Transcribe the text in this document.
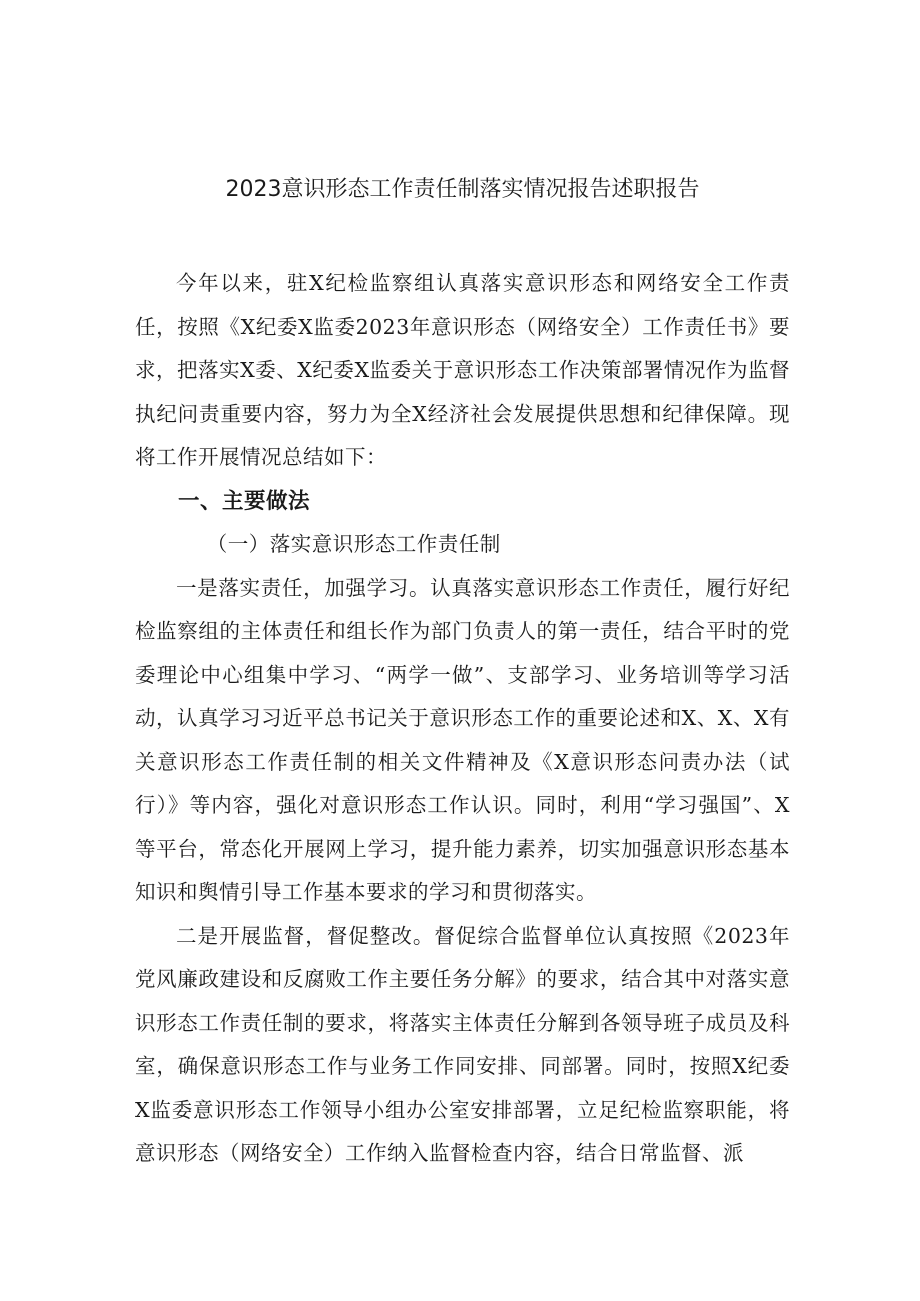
2023意识形态工作责任制落实情况报告述职报告

今年以来，驻X纪检监察组认真落实意识形态和网络安全工作责任，按照《X纪委X监委2023年意识形态（网络安全）工作责任书》要求，把落实X委、X纪委X监委关于意识形态工作决策部署情况作为监督执纪问责重要内容，努力为全X经济社会发展提供思想和纪律保障。现将工作开展情况总结如下：

一、主要做法

（一）落实意识形态工作责任制

一是落实责任，加强学习。认真落实意识形态工作责任，履行好纪检监察组的主体责任和组长作为部门负责人的第一责任，结合平时的党委理论中心组集中学习、“两学一做”、支部学习、业务培训等学习活动，认真学习习近平总书记关于意识形态工作的重要论述和X、X、X有关意识形态工作责任制的相关文件精神及《X意识形态问责办法（试行）》等内容，强化对意识形态工作认识。同时，利用“学习强国”、X等平台，常态化开展网上学习，提升能力素养，切实加强意识形态基本知识和舆情引导工作基本要求的学习和贯彻落实。

二是开展监督，督促整改。督促综合监督单位认真按照《2023年党风廉政建设和反腐败工作主要任务分解》的要求，结合其中对落实意识形态工作责任制的要求，将落实主体责任分解到各领导班子成员及科室，确保意识形态工作与业务工作同安排、同部署。同时，按照X纪委X监委意识形态工作领导小组办公室安排部署，立足纪检监察职能，将意识形态（网络安全）工作纳入监督检查内容，结合日常监督、派
